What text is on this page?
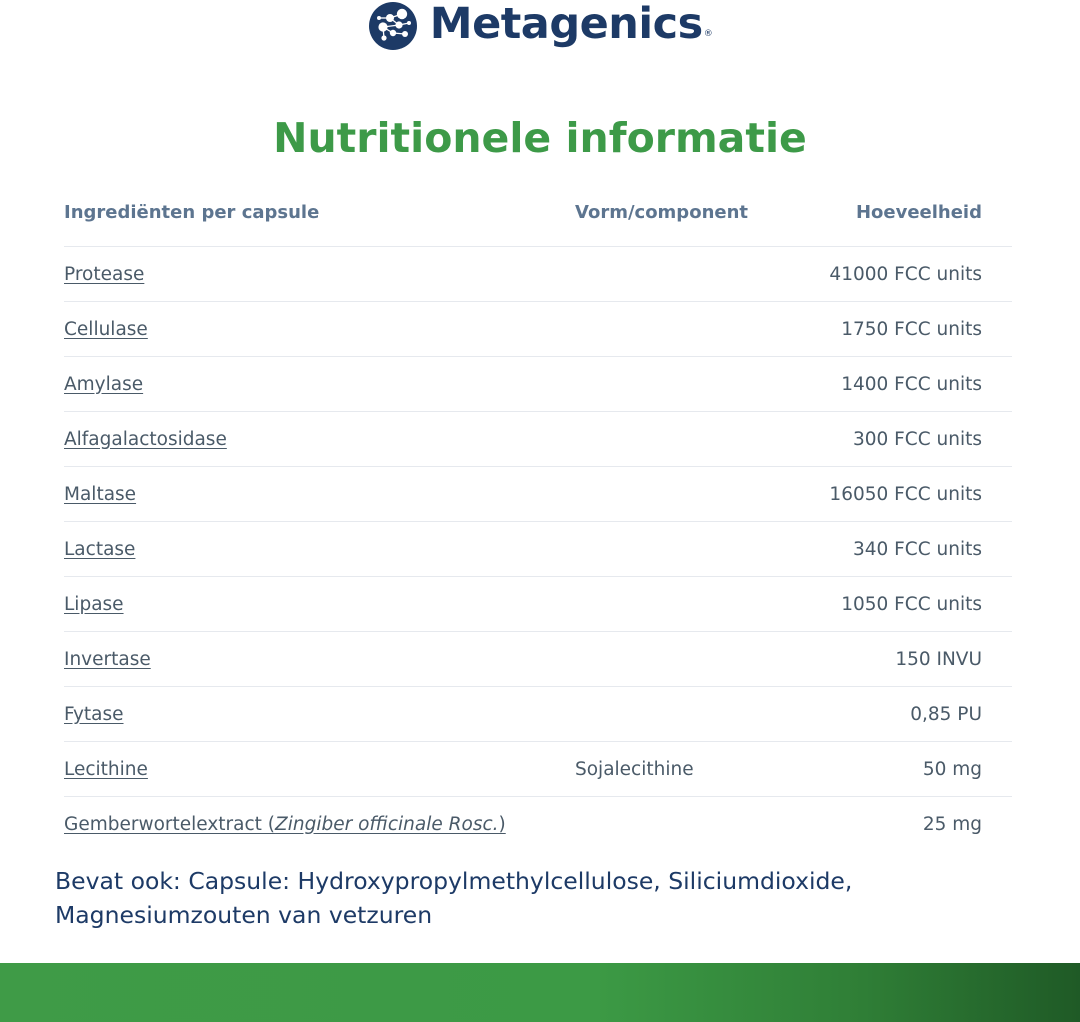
Metagenics®
Nutritionele informatie
Ingrediënten per capsule	Vorm/component	Hoeveelheid
Protease		41000 FCC units
Cellulase		1750 FCC units
Amylase		1400 FCC units
Alfagalactosidase		300 FCC units
Maltase		16050 FCC units
Lactase		340 FCC units
Lipase		1050 FCC units
Invertase		150 INVU
Fytase		0,85 PU
Lecithine	Sojalecithine	50 mg
Gemberwortelextract (Zingiber officinale Rosc.)		25 mg
Bevat ook: Capsule: Hydroxypropylmethylcellulose, Siliciumdioxide, Magnesiumzouten van vetzuren
